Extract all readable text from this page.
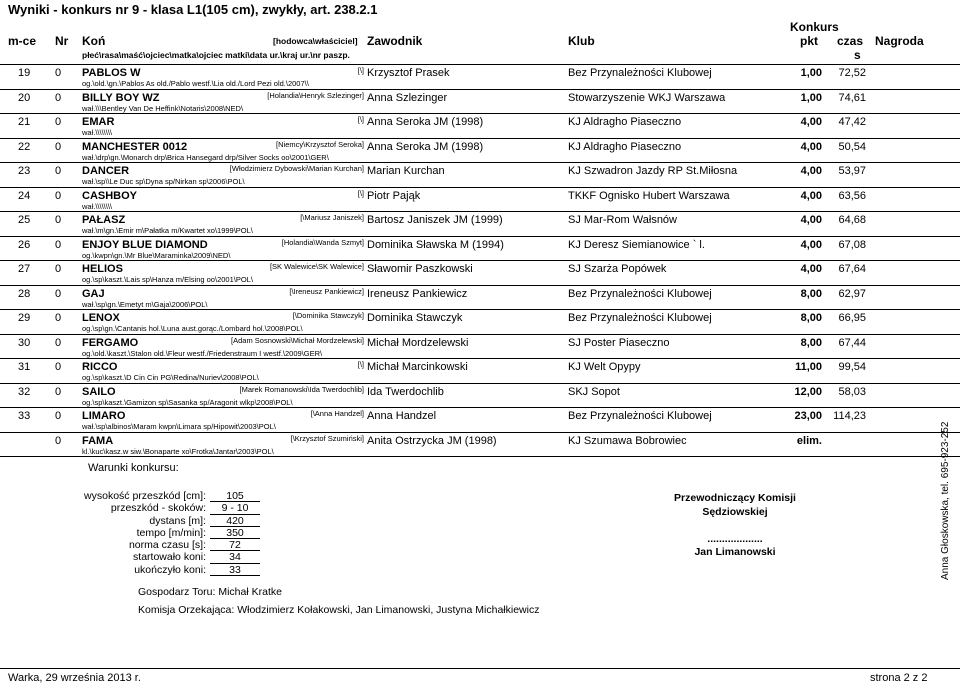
Wyniki - konkurs nr 9 - klasa L1(105 cm), zwykły, art. 238.2.1
Konkurs
m-ce Nr Koń	[hodowca\właściciel] Zawodnik	Klub	pkt czas Nagroda
płeć\rasa\maść\ojciec\matka\ojciec matki\data ur.\kraj ur.\nr paszp.	s
19 0 PABLOS W	[\] Krzysztof Prasek	Bez Przynależności Klubowej	1,00	72,52
og.\old.\gn.\Pablos As old./Pablo westf.\Lia old./Lord Pezi old.\2007\\
20 0 BILLY BOY WZ	[Holandia\Henryk Szlezinger] Anna Szlezinger	Stowarzyszenie WKJ Warszawa	1,00	74,61
wał.\\\Bentley Van De Heffink\Notaris\2008\NED\
21 0 EMAR	[\] Anna Seroka JM (1998)	KJ Aldragho Piaseczno	4,00	47,42
wał.\\\\\\\\
22 0 MANCHESTER 0012	[Niemcy\Krzysztof Seroka] Anna Seroka JM (1998)	KJ Aldragho Piaseczno	4,00	50,54
wał.\drp\gn.\Monarch drp\Brica Hansegard drp/Silver Socks oo\2001\GER\
23 0 DANCER	[Włodzimierz Dybowski\Marian Kurchan] Marian Kurchan	KJ Szwadron Jazdy RP St.Miłosna	4,00	53,97
wał.\sp\\Le Duc sp\Dyna sp/Nirkan sp\2006\POL\
24 0 CASHBOY	[\] Piotr Pająk	TKKF Ognisko Hubert Warszawa	4,00	63,56
wał.\\\\\\\\
25 0 PAŁASZ	[\Mariusz Janiszek] Bartosz Janiszek JM (1999)	SJ Mar-Rom Wałsnów	4,00	64,68
wał.\m\gn.\Emir m\Pałatka m/Kwartet xo\1999\POL\
26 0 ENJOY BLUE DIAMOND	[Holandia\Wanda Szmyt] Dominika Sławska M (1994)	KJ Deresz Siemianowice ` l.	4,00	67,08
og.\kwpn\gn.\Mr Blue\Maraminka\2009\NED\
27 0 HELIOS	[SK Walewice\SK Walewice] Sławomir Paszkowski	SJ Szarża Popówek	4,00	67,64
og.\sp\kaszt.\Lais sp\Hanza m/Elsing oo\2001\POL\
28 0 GAJ	[\Ireneusz Pankiewicz] Ireneusz Pankiewicz	Bez Przynależności Klubowej	8,00	62,97
wał.\sp\gn.\Emetyt m\Gaja\2006\POL\
29 0 LENOX	[\Dominika Stawczyk] Dominika Stawczyk	Bez Przynależności Klubowej	8,00	66,95
og.\sp\gn.\Cantanis hol.\Luna aust.gorąc./Lombard hol.\2008\POL\
30 0 FERGAMO	[Adam Sosnowski\Michał Mordzelewski] Michał Mordzelewski	SJ Poster Piaseczno	8,00	67,44
og.\old.\kaszt.\Stalon old.\Fleur westf./Friedenstraum I westf.\2009\GER\
31 0 RICCO	[\] Michał Marcinkowski	KJ Welt Opypy	11,00	99,54
og.\sp\kaszt.\D Cin Cin PG\Redina/Nuriev\2008\POL\
32 0 SAILO	[Marek Romanowski\Ida Twerdochlib] Ida Twerdochlib	SKJ Sopot	12,00	58,03
og.\sp\kaszt.\Gamizon sp\Sasanka sp/Aragonit wlkp\2008\POL\
33 0 LIMARO	[\Anna Handzel] Anna Handzel	Bez Przynależności Klubowej	23,00	114,23
wał.\sp\albinos\Maram kwpn\Limara sp/Hipowit\2003\POL\
0 FAMA	[\Krzysztof Szumiński] Anita Ostrzycka JM (1998)	KJ Szumawa Bobrowiec	elim.
kl.\kuc\kasz.w siw.\Bonaparte xo\Frotka\Jantar\2003\POL\	Anna Głoskowska, tel. 695-923-252
Warunki konkursu:
wysokość przeszkód [cm]:	105
przeszkód - skoków:	9 - 10
dystans [m]:	420
tempo [m/min]:	350
norma czasu [s]:	72
startowało koni:	34
ukończyło koni:	33
Przewodniczący Komisji
Sędziowskiej
...................
Jan Limanowski
Gospodarz Toru: Michał Kratke
Komisja Orzekająca: Włodzimierz Kołakowski, Jan Limanowski, Justyna Michałkiewicz
Warka, 29 września 2013 r.	strona 2 z 2
